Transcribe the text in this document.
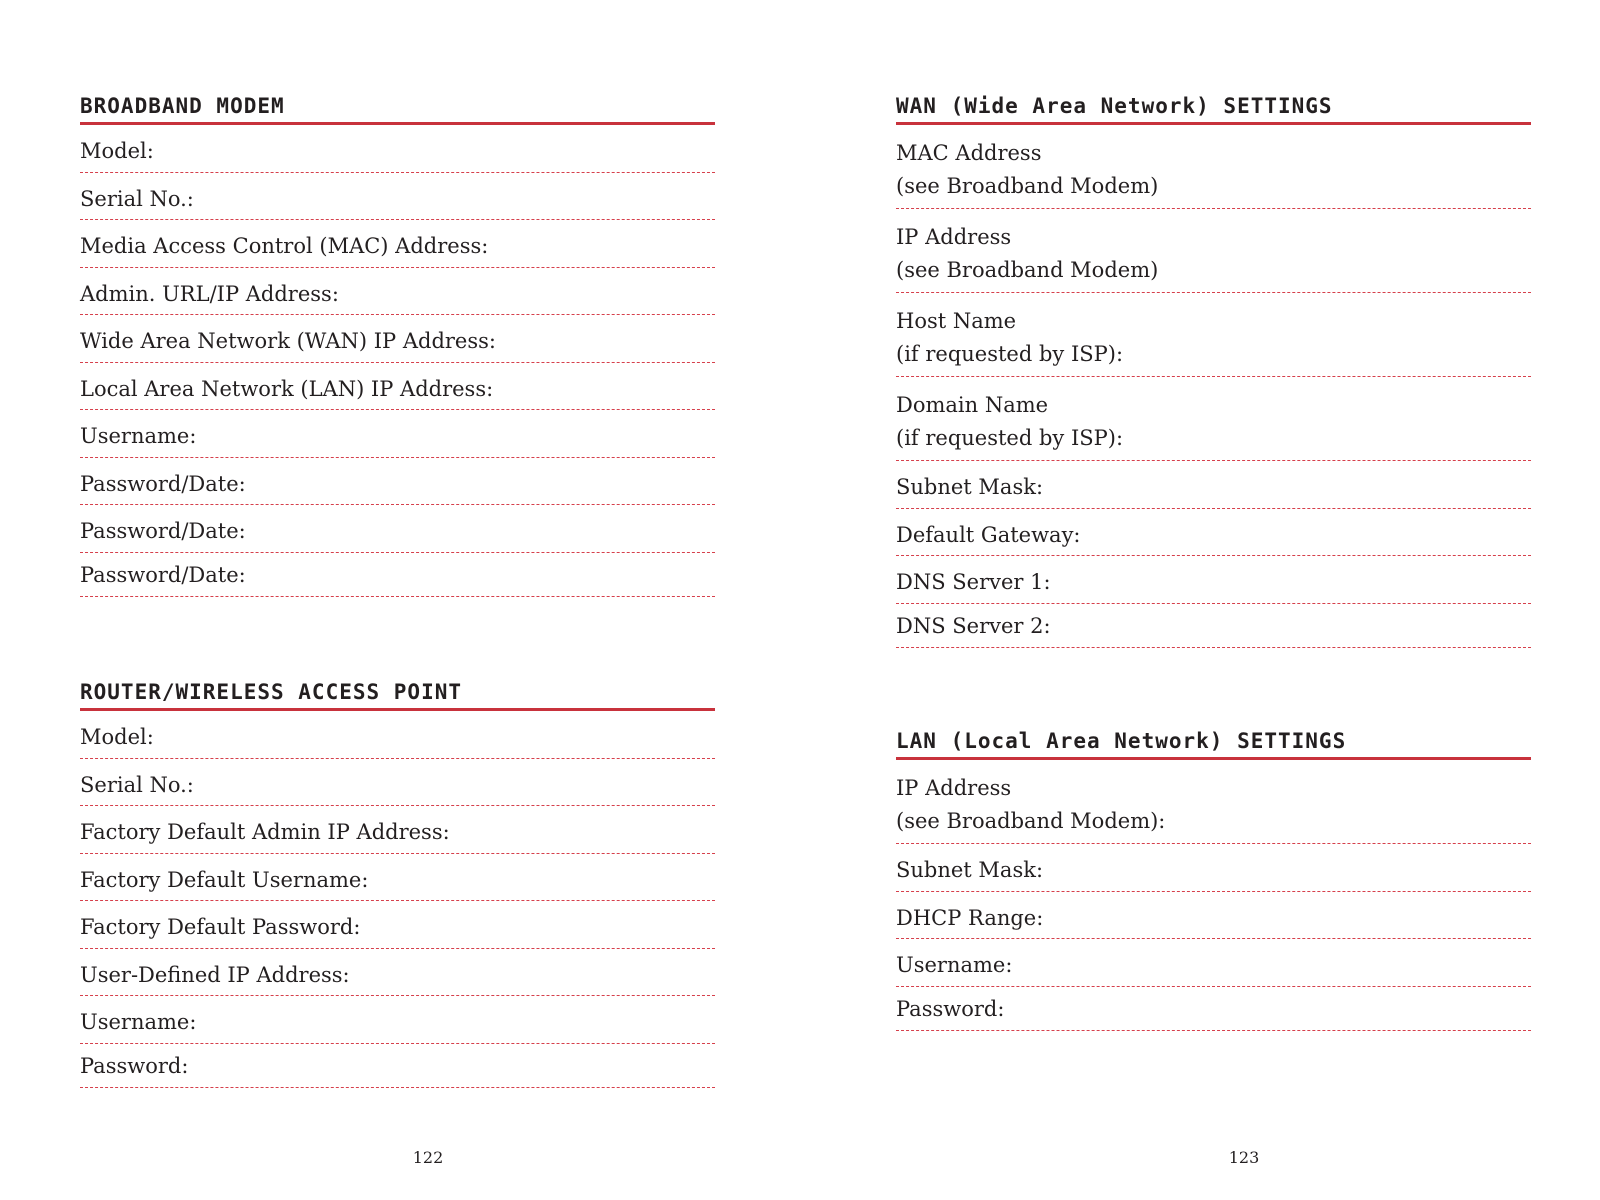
BROADBAND MODEM
Model:
Serial No.:
Media Access Control (MAC) Address:
Admin. URL/IP Address:
Wide Area Network (WAN) IP Address:
Local Area Network (LAN) IP Address:
Username:
Password/Date:
Password/Date:
Password/Date:
ROUTER/WIRELESS ACCESS POINT
Model:
Serial No.:
Factory Default Admin IP Address:
Factory Default Username:
Factory Default Password:
User-Defined IP Address:
Username:
Password:
122
WAN (Wide Area Network) SETTINGS
MAC Address
(see Broadband Modem)
IP Address
(see Broadband Modem)
Host Name
(if requested by ISP):
Domain Name
(if requested by ISP):
Subnet Mask:
Default Gateway:
DNS Server 1:
DNS Server 2:
LAN (Local Area Network) SETTINGS
IP Address
(see Broadband Modem):
Subnet Mask:
DHCP Range:
Username:
Password:
123
